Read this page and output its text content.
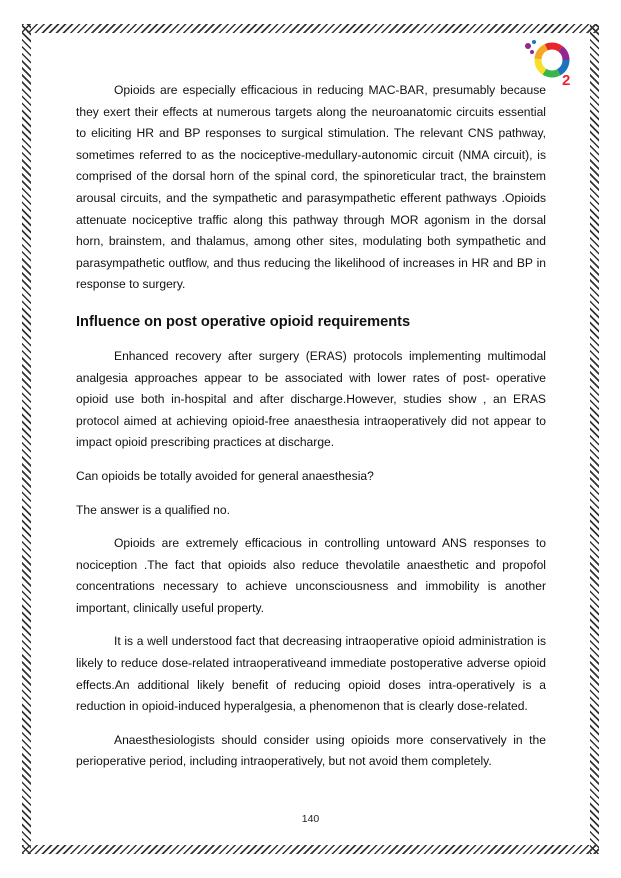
2

Opioids are especially efficacious in reducing MAC-BAR, presumably because they exert their effects at numerous targets along the neuroanatomic circuits essential to eliciting HR and BP responses to surgical stimulation. The relevant CNS pathway, sometimes referred to as the nociceptive-medullary-autonomic circuit (NMA circuit), is comprised of the dorsal horn of the spinal cord, the spinoreticular tract, the brainstem arousal circuits, and the sympathetic and parasympathetic efferent pathways .Opioids attenuate nociceptive traffic along this pathway through MOR agonism in the dorsal horn, brainstem, and thalamus, among other sites, modulating both sympathetic and parasympathetic outflow, and thus reducing the likelihood of increases in HR and BP in response to surgery.

Influence on post operative opioid requirements

Enhanced recovery after surgery (ERAS) protocols implementing multimodal analgesia approaches appear to be associated with lower rates of post- operative opioid use both in-hospital and after discharge.However, studies show , an ERAS protocol aimed at achieving opioid-free anaesthesia intraoperatively did not appear to impact opioid prescribing practices at discharge.

Can opioids be totally avoided for general anaesthesia?

The answer is a qualified no.

Opioids are extremely efficacious in controlling untoward ANS responses to nociception .The fact that opioids also reduce thevolatile anaesthetic and propofol concentrations necessary to achieve unconsciousness and immobility is another important, clinically useful property.

It is a well understood fact that decreasing intraoperative opioid administration is likely to reduce dose-related intraoperativeand immediate postoperative adverse opioid effects.An additional likely benefit of reducing opioid doses intra-operatively is a reduction in opioid-induced hyperalgesia, a phenomenon that is clearly dose-related.

Anaesthesiologists should consider using opioids more conservatively in the perioperative period, including intraoperatively, but not avoid them completely.

140
